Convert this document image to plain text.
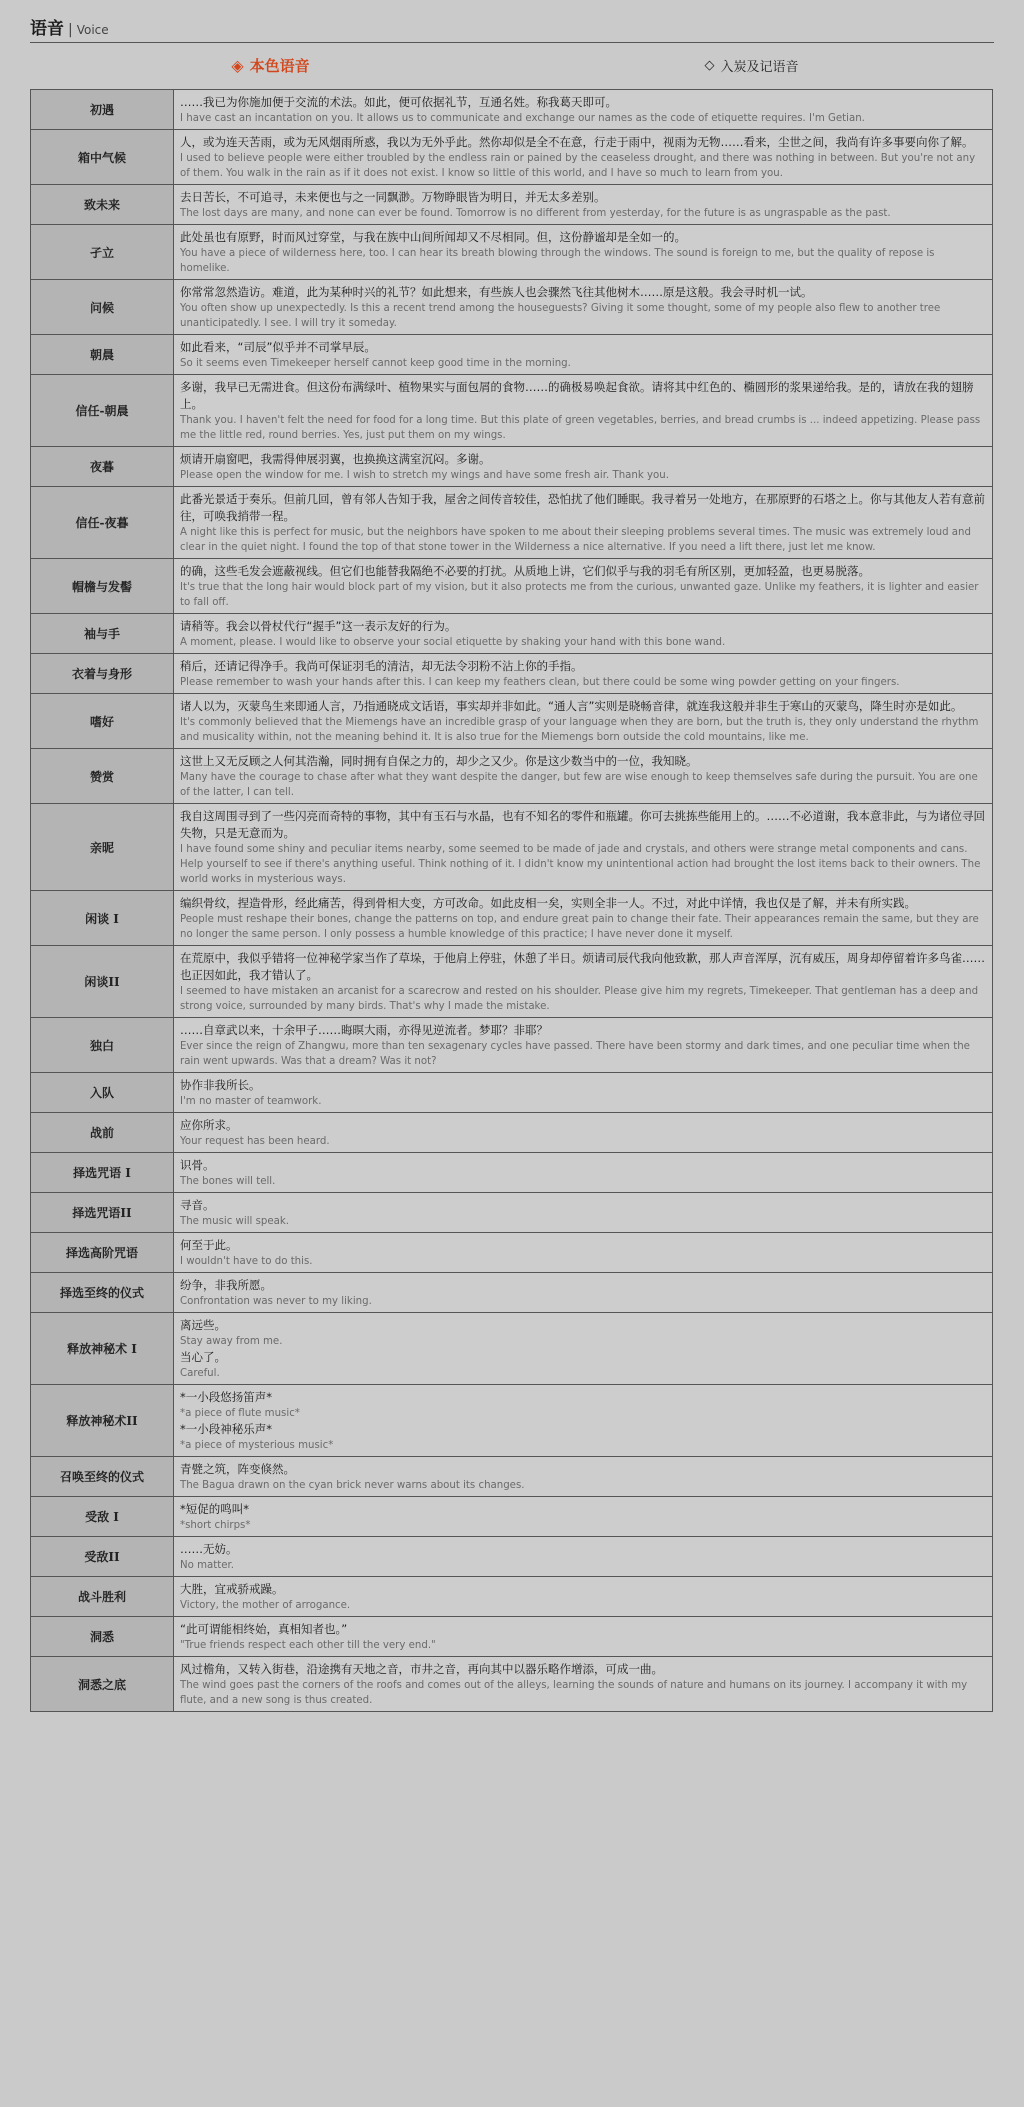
语音 | Voice
◈ 本色语音	◇ 入炭及记语音
初遇	……我已为你施加便于交流的术法。如此，便可依据礼节，互通名姓。称我葛天即可。
I have cast an incantation on you. It allows us to communicate and exchange our names as the code of etiquette requires. I'm Getian.

箱中气候	人，或为连天苦雨，或为无风烟雨所惑，我以为无外乎此。然你却似是全不在意，行走于雨中，视雨为无物……看来，尘世之间，我尚有许多事要向你了解。
I used to believe people were either troubled by the endless rain or pained by the ceaseless drought, and there was nothing in between. But you're not any of them. You walk in the rain as if it does not exist. I know so little of this world, and I have so much to learn from you.

致未来	去日苦长，不可追寻，未来便也与之一同飘渺。万物睁眼皆为明日，并无太多差别。
The lost days are many, and none can ever be found. Tomorrow is no different from yesterday, for the future is as ungraspable as the past.

孑立	此处虽也有原野，时而风过穿堂，与我在族中山间所闻却又不尽相同。但，这份静谧却是全如一的。
You have a piece of wilderness here, too. I can hear its breath blowing through the windows. The sound is foreign to me, but the quality of repose is homelike.

问候	你常常忽然造访。难道，此为某种时兴的礼节？如此想来，有些族人也会骤然飞往其他树木……原是这般。我会寻时机一试。
You often show up unexpectedly. Is this a recent trend among the houseguests? Giving it some thought, some of my people also flew to another tree unanticipatedly. I see. I will try it someday.

朝晨	如此看来，“司辰”似乎并不司掌早辰。
So it seems even Timekeeper herself cannot keep good time in the morning.

信任-朝晨	多谢，我早已无需进食。但这份布满绿叶、植物果实与面包屑的食物……的确极易唤起食欲。请将其中红色的、椭圆形的浆果递给我。是的，请放在我的翅膀上。
Thank you. I haven't felt the need for food for a long time. But this plate of green vegetables, berries, and bread crumbs is ... indeed appetizing. Please pass me the little red, round berries. Yes, just put them on my wings.

夜暮	烦请开扇窗吧，我需得伸展羽翼，也换换这满室沉闷。多谢。
Please open the window for me. I wish to stretch my wings and have some fresh air. Thank you.

信任-夜暮	此番光景适于奏乐。但前几回，曾有邻人告知于我，屋舍之间传音较佳，恐怕扰了他们睡眠。我寻着另一处地方，在那原野的石塔之上。你与其他友人若有意前往，可唤我捎带一程。
A night like this is perfect for music, but the neighbors have spoken to me about their sleeping problems several times. The music was extremely loud and clear in the quiet night. I found the top of that stone tower in the Wilderness a nice alternative. If you need a lift there, just let me know.

帽檐与发髻	的确，这些毛发会遮蔽视线。但它们也能替我隔绝不必要的打扰。从质地上讲，它们似乎与我的羽毛有所区别，更加轻盈，也更易脱落。
It's true that the long hair would block part of my vision, but it also protects me from the curious, unwanted gaze. Unlike my feathers, it is lighter and easier to fall off.

袖与手	请稍等。我会以骨杖代行“握手”这一表示友好的行为。
A moment, please. I would like to observe your social etiquette by shaking your hand with this bone wand.

衣着与身形	稍后，还请记得净手。我尚可保证羽毛的清洁，却无法令羽粉不沾上你的手指。
Please remember to wash your hands after this. I can keep my feathers clean, but there could be some wing powder getting on your fingers.

嗜好	诸人以为，灭蒙鸟生来即通人言，乃指通晓成文话语，事实却并非如此。“通人言”实则是晓畅音律，就连我这般并非生于寒山的灭蒙鸟，降生时亦是如此。
It's commonly believed that the Miemengs have an incredible grasp of your language when they are born, but the truth is, they only understand the rhythm and musicality within, not the meaning behind it. It is also true for the Miemengs born outside the cold mountains, like me.

赞赏	这世上又无反顾之人何其浩瀚，同时拥有自保之力的，却少之又少。你是这少数当中的一位，我知晓。
Many have the courage to chase after what they want despite the danger, but few are wise enough to keep themselves safe during the pursuit. You are one of the latter, I can tell.

亲昵	我自这周围寻到了一些闪亮而奇特的事物，其中有玉石与水晶，也有不知名的零件和瓶罐。你可去挑拣些能用上的。……不必道谢，我本意非此，与为诸位寻回失物，只是无意而为。
I have found some shiny and peculiar items nearby, some seemed to be made of jade and crystals, and others were strange metal components and cans. Help yourself to see if there's anything useful. Think nothing of it. I didn't know my unintentional action had brought the lost items back to their owners. The world works in mysterious ways.

闲谈 I	编织骨纹，捏造骨形，经此痛苦，得到骨相大变，方可改命。如此皮相一矣，实则全非一人。不过，对此中详情，我也仅是了解，并未有所实践。
People must reshape their bones, change the patterns on top, and endure great pain to change their fate. Their appearances remain the same, but they are no longer the same person. I only possess a humble knowledge of this practice; I have never done it myself.

闲谈II	在荒原中，我似乎错将一位神秘学家当作了草垛，于他肩上停驻，休憩了半日。烦请司辰代我向他致歉，那人声音浑厚，沉有威压，周身却停留着许多鸟雀……也正因如此，我才错认了。
I seemed to have mistaken an arcanist for a scarecrow and rested on his shoulder. Please give him my regrets, Timekeeper. That gentleman has a deep and strong voice, surrounded by many birds. That's why I made the mistake.

独白	……自章武以来，十余甲子……晦暝大雨，亦得见逆流者。梦耶？非耶？
Ever since the reign of Zhangwu, more than ten sexagenary cycles have passed. There have been stormy and dark times, and one peculiar time when the rain went upwards. Was that a dream? Was it not?

入队	协作非我所长。
I'm no master of teamwork.

战前	应你所求。
Your request has been heard.

择选咒语 I	识骨。
The bones will tell.

择选咒语II	寻音。
The music will speak.

择选高阶咒语	何至于此。
I wouldn't have to do this.

择选至终的仪式	纷争，非我所愿。
Confrontation was never to my liking.

释放神秘术 I	离远些。
Stay away from me.
当心了。
Careful.

释放神秘术II	*一小段悠扬笛声*
*a piece of flute music*
*一小段神秘乐声*
*a piece of mysterious music*

召唤至终的仪式	青甓之筑，阵变倏然。
The Bagua drawn on the cyan brick never warns about its changes.

受敌 I	*短促的鸣叫*
*short chirps*

受敌II	……无妨。
No matter.

战斗胜利	大胜，宜戒骄戒躁。
Victory, the mother of arrogance.

洞悉	“此可谓能相终始，真相知者也。”
"True friends respect each other till the very end."

洞悉之底	风过檐角，又转入街巷，沿途携有天地之音，市井之音，再向其中以器乐略作增添，可成一曲。
The wind goes past the corners of the roofs and comes out of the alleys, learning the sounds of nature and humans on its journey. I accompany it with my flute, and a new song is thus created.
